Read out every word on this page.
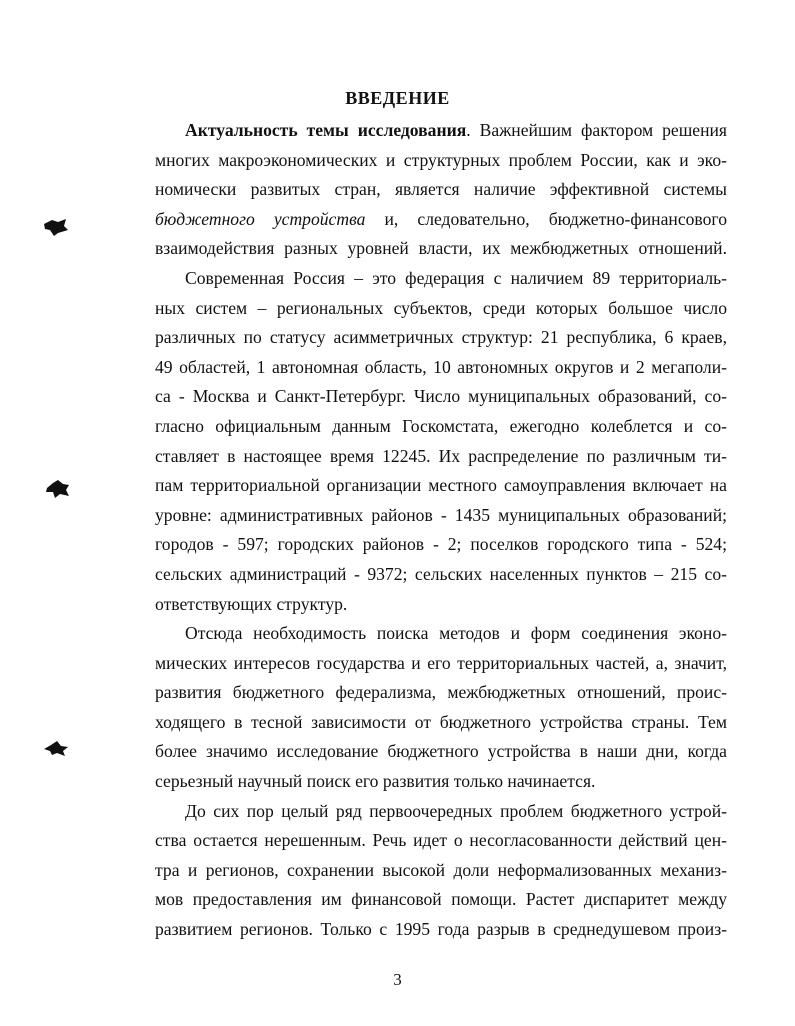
ВВЕДЕНИЕ
Актуальность темы исследования. Важнейшим фактором решения
многих макроэкономических и структурных проблем России, как и эко-
номически развитых стран, является наличие эффективной системы
бюджетного устройства и, следовательно, бюджетно-финансового
взаимодействия разных уровней власти, их межбюджетных отношений.
Современная Россия – это федерация с наличием 89 территориаль-
ных систем – региональных субъектов, среди которых большое число
различных по статусу асимметричных структур: 21 республика, 6 краев,
49 областей, 1 автономная область, 10 автономных округов и 2 мегаполи-
са - Москва и Санкт-Петербург. Число муниципальных образований, со-
гласно официальным данным Госкомстата, ежегодно колеблется и со-
ставляет в настоящее время 12245. Их распределение по различным ти-
пам территориальной организации местного самоуправления включает на
уровне: административных районов - 1435 муниципальных образований;
городов - 597; городских районов - 2; поселков городского типа - 524;
сельских администраций - 9372; сельских населенных пунктов – 215 со-
ответствующих структур.
Отсюда необходимость поиска методов и форм соединения эконо-
мических интересов государства и его территориальных частей, а, значит,
развития бюджетного федерализма, межбюджетных отношений, проис-
ходящего в тесной зависимости от бюджетного устройства страны. Тем
более значимо исследование бюджетного устройства в наши дни, когда
серьезный научный поиск его развития только начинается.
До сих пор целый ряд первоочередных проблем бюджетного устрой-
ства остается нерешенным. Речь идет о несогласованности действий цен-
тра и регионов, сохранении высокой доли неформализованных механиз-
мов предоставления им финансовой помощи. Растет диспаритет между
развитием регионов. Только с 1995 года разрыв в среднедушевом произ-
3
